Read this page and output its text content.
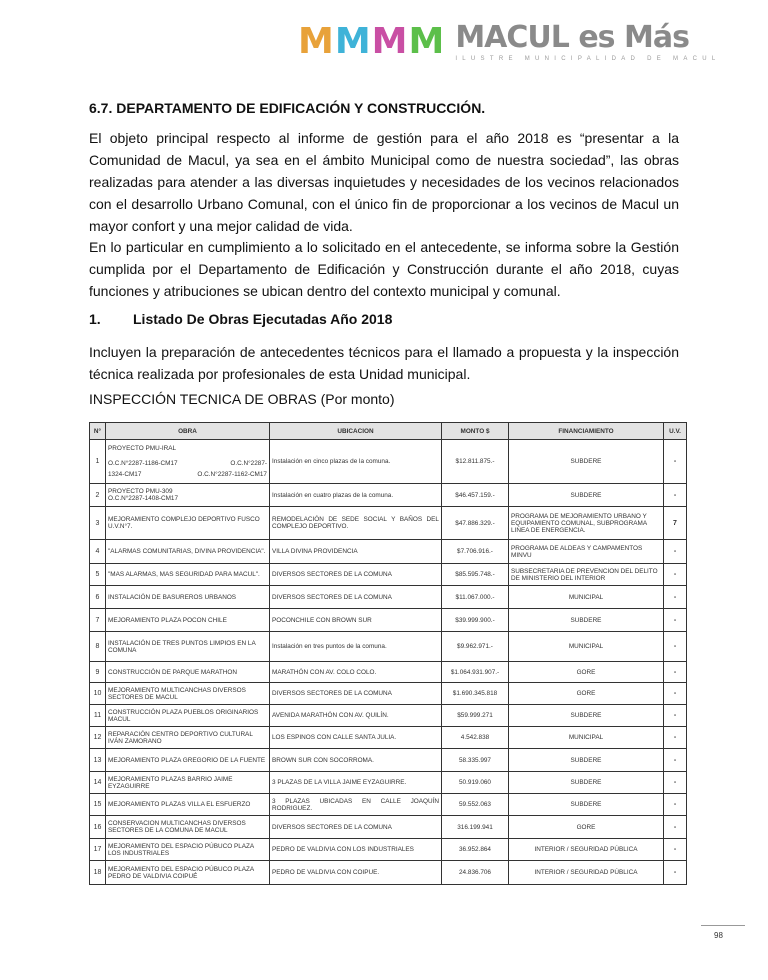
M M M M MACUL es Más
ILUSTRE MUNICIPALIDAD DE MACUL
6.7. DEPARTAMENTO DE EDIFICACIÓN Y CONSTRUCCIÓN.
El objeto principal respecto al informe de gestión para el año 2018 es “presentar a la Comunidad de Macul, ya sea en el ámbito Municipal como de nuestra sociedad”, las obras realizadas para atender a las diversas inquietudes y necesidades de los vecinos relacionados con el desarrollo Urbano Comunal, con el único fin de proporcionar a los vecinos de Macul un mayor confort y una mejor calidad de vida.
En lo particular en cumplimiento a lo solicitado en el antecedente, se informa sobre la Gestión cumplida por el Departamento de Edificación y Construcción durante el año 2018, cuyas funciones y atribuciones se ubican dentro del contexto municipal y comunal.
1. Listado De Obras Ejecutadas Año 2018
Incluyen la preparación de antecedentes técnicos para el llamado a propuesta y la inspección técnica realizada por profesionales de esta Unidad municipal.
INSPECCIÓN TECNICA DE OBRAS (Por monto)
N°	OBRA	UBICACION	MONTO $	FINANCIAMIENTO	U.V.
1	PROYECTO PMU-IRAL
O.C.N°2287-1186-CM17 O.C.N°2287-
1324-CM17 O.C.N°2287-1162-CM17	Instalación en cinco plazas de la comuna.	$12.811.875.-	SUBDERE	-
2	PROYECTO PMU-309
O.C.N°2287-1408-CM17	Instalación en cuatro plazas de la comuna.	$46.457.159.-	SUBDERE	-
3	MEJORAMIENTO COMPLEJO DEPORTIVO FUSCO U.V.N°7.	REMODELACIÓN DE SEDE SOCIAL Y BAÑOS DEL COMPLEJO DEPORTIVO.	$47.886.329.-	PROGRAMA DE MEJORAMIENTO URBANO Y EQUIPAMIENTO COMUNAL, SUBPROGRAMA LINEA DE ENERGENCIA.	7
4	"ALARMAS COMUNITARIAS, DIVINA PROVIDENCIA".	VILLA DIVINA PROVIDENCIA	$7.706.916.-	PROGRAMA DE ALDEAS Y CAMPAMENTOS MINVU	-
5	"MAS ALARMAS, MAS SEGURIDAD PARA MACUL".	DIVERSOS SECTORES DE LA COMUNA	$85.595.748.-	SUBSECRETARIA DE PREVENCION DEL DELITO DE MINISTERIO DEL INTERIOR	-
6	INSTALACIÓN DE BASUREROS URBANOS	DIVERSOS SECTORES DE LA COMUNA	$11.067.000.-	MUNICIPAL	-
7	MEJORAMIENTO PLAZA POCON CHILE	POCONCHILE CON BROWN SUR	$39.999.900.-	SUBDERE	-
8	INSTALACIÓN DE TRES PUNTOS LIMPIOS EN LA COMUNA	Instalación en tres puntos de la comuna.	$9.962.971.-	MUNICIPAL	-
9	CONSTRUCCIÓN DE PARQUE MARATHON	MARATHÓN CON AV. COLO COLO.	$1.064.931.907.-	GORE	-
10	MEJORAMIENTO MULTICANCHAS DIVERSOS SECTORES DE MACUL	DIVERSOS SECTORES DE LA COMUNA	$1.690.345.818	GORE	-
11	CONSTRUCCIÓN PLAZA PUEBLOS ORIGINARIOS MACUL	AVENIDA MARATHÓN CON AV. QUILÍN.	$59.999.271	SUBDERE	-
12	REPARACIÓN CENTRO DEPORTIVO CULTURAL IVÁN ZAMORANO	LOS ESPINOS CON CALLE SANTA JULIA.	4.542.838	MUNICIPAL	-
13	MEJORAMIENTO PLAZA GREGORIO DE LA FUENTE	BROWN SUR CON SOCORROMA.	58.335.997	SUBDERE	-
14	MEJORAMIENTO PLAZAS BARRIO JAIME EYZAGUIRRE	3 PLAZAS DE LA VILLA JAIME EYZAGUIRRE.	50.919.060	SUBDERE	-
15	MEJORAMIENTO PLAZAS VILLA EL ESFUERZO	3 PLAZAS UBICADAS EN CALLE JOAQUÍN RODRIGUEZ.	59.552.063	SUBDERE	-
16	CONSERVACION MULTICANCHAS DIVERSOS SECTORES DE LA COMUNA DE MACUL	DIVERSOS SECTORES DE LA COMUNA	316.199.941	GORE	-
17	MEJORAMIENTO DEL ESPACIO PÚBUCO PLAZA LOS INDUSTRIALES	PEDRO DE VALDIVIA CON LOS INDUSTRIALES	36.952.864	INTERIOR / SEGURIDAD PÚBLICA	-
18	MEJORAMIENTO DEL ESPACIO PÚBUCO PLAZA PEDRO DE VALDIVIA COIPUÉ	PEDRO DE VALDIVIA CON COIPUE.	24.836.706	INTERIOR / SEGURIDAD PÚBLICA	-
98
